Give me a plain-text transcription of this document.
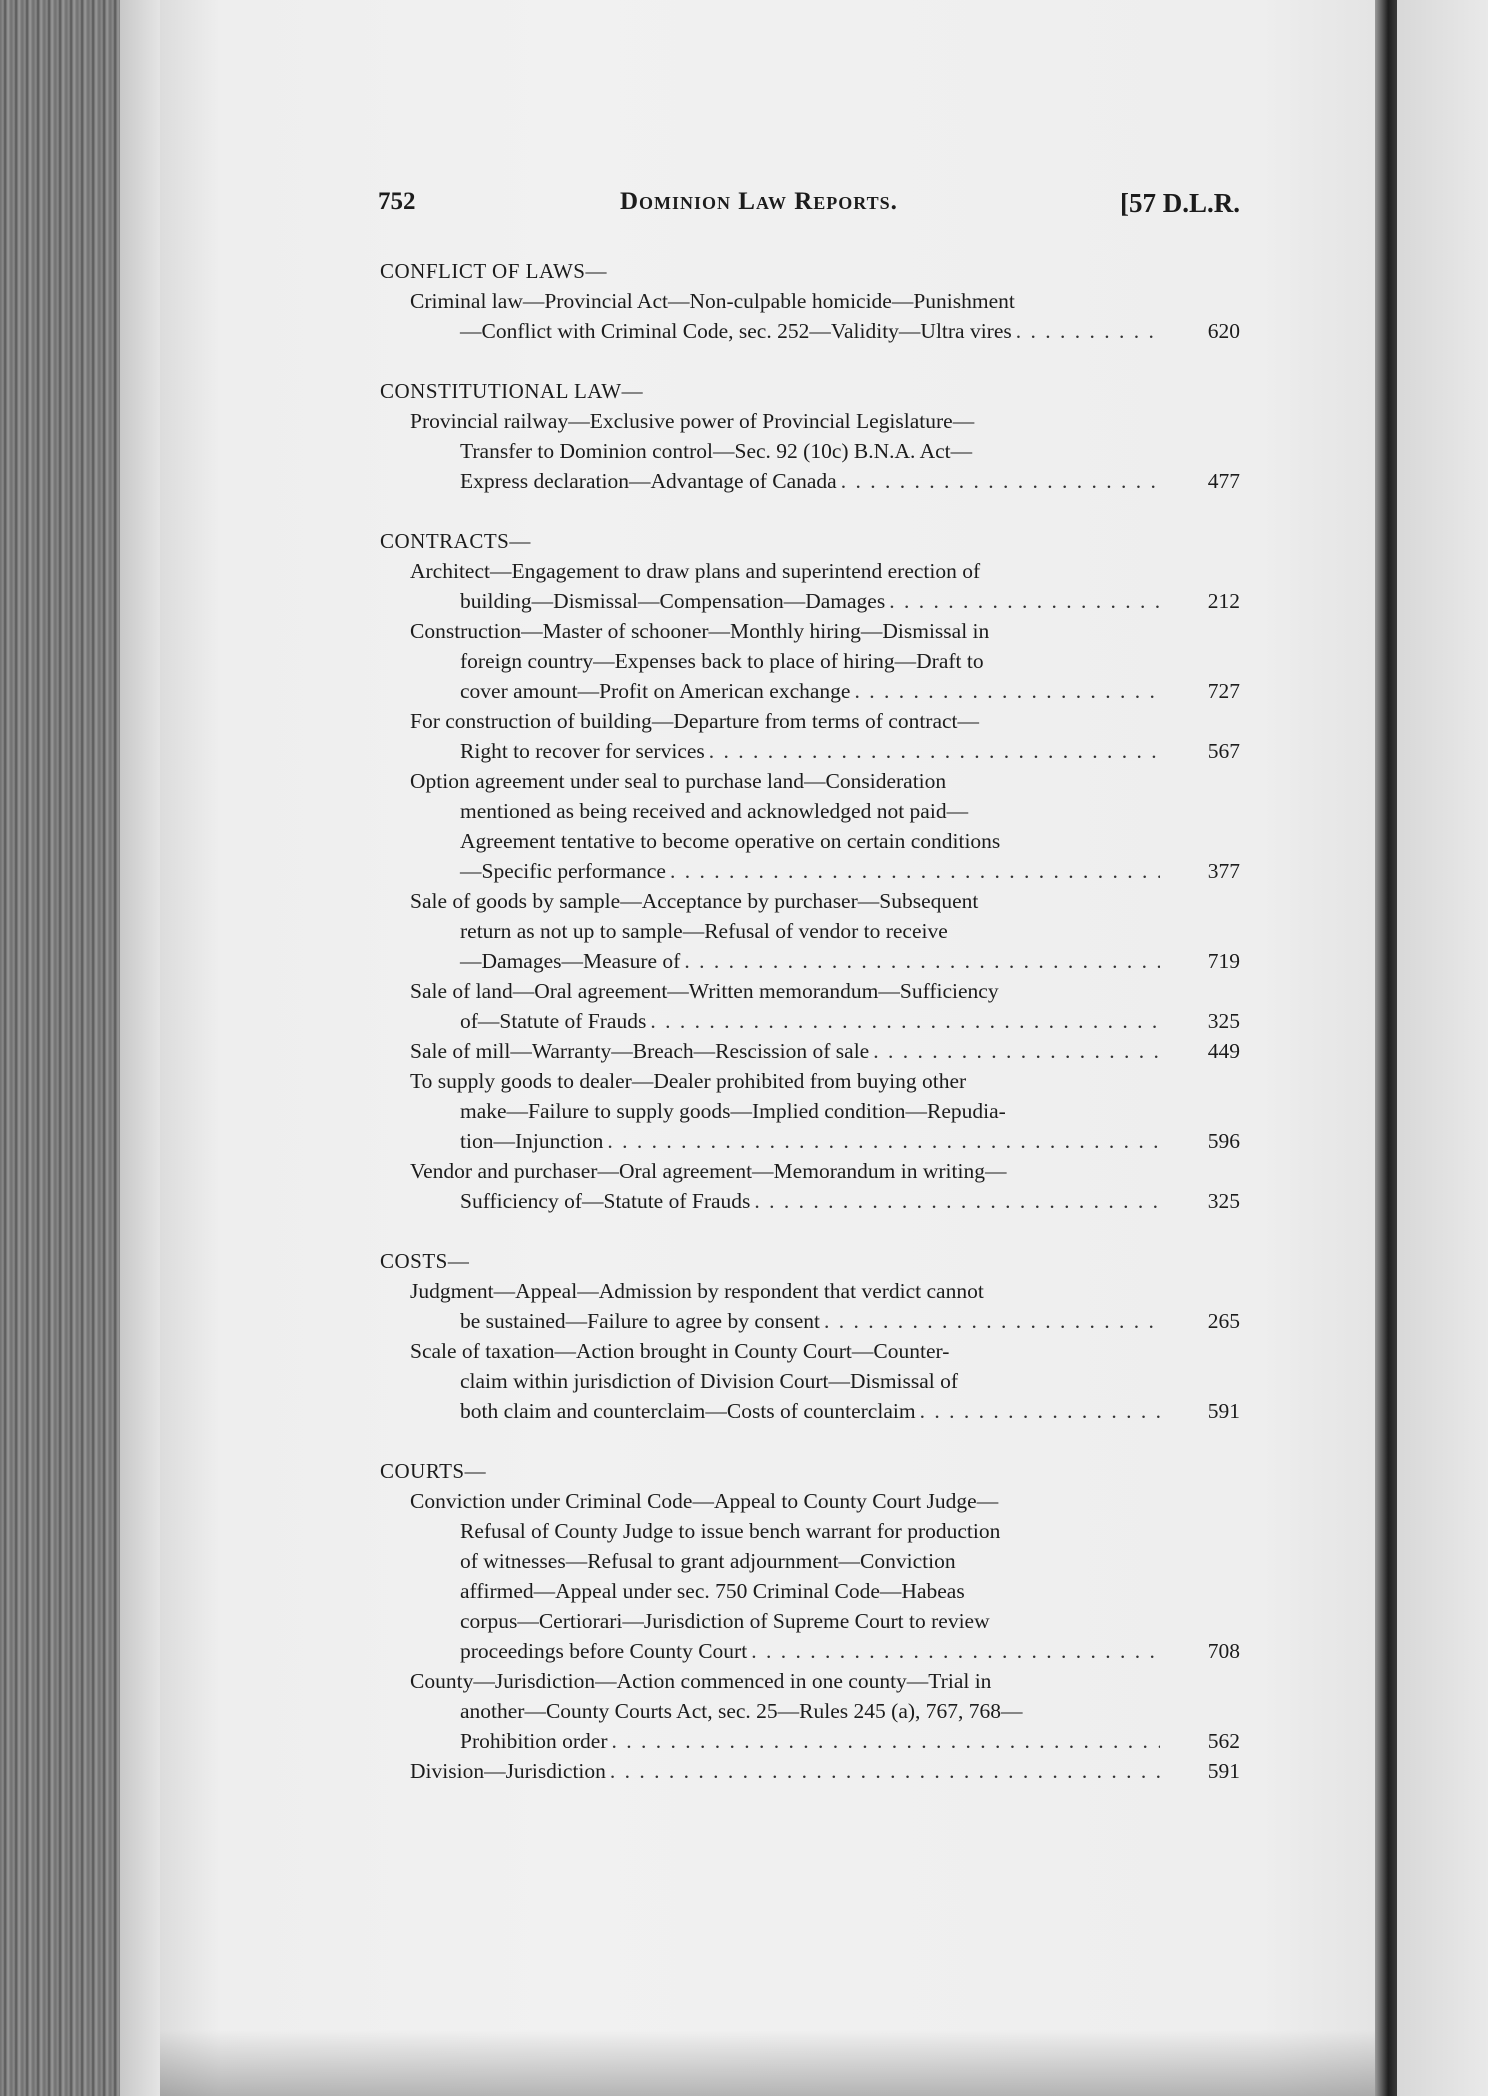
752	Dominion Law Reports.	[57 D.L.R.
CONFLICT OF LAWS—
Criminal law—Provincial Act—Non-culpable homicide—Punishment
—Conflict with Criminal Code, sec. 252—Validity—Ultra vires . . .	620
CONSTITUTIONAL LAW—
Provincial railway—Exclusive power of Provincial Legislature—
Transfer to Dominion control—Sec. 92 (10c) B.N.A. Act—
Express declaration—Advantage of Canada . . .	477
CONTRACTS—
Architect—Engagement to draw plans and superintend erection of
building—Dismissal—Compensation—Damages . . .	212
Construction—Master of schooner—Monthly hiring—Dismissal in
foreign country—Expenses back to place of hiring—Draft to
cover amount—Profit on American exchange . . .	727
For construction of building—Departure from terms of contract—
Right to recover for services . . .	567
Option agreement under seal to purchase land—Consideration
mentioned as being received and acknowledged not paid—
Agreement tentative to become operative on certain conditions
—Specific performance . . .	377
Sale of goods by sample—Acceptance by purchaser—Subsequent
return as not up to sample—Refusal of vendor to receive
—Damages—Measure of . . .	719
Sale of land—Oral agreement—Written memorandum—Sufficiency
of—Statute of Frauds . . .	325
Sale of mill—Warranty—Breach—Rescission of sale . . .	449
To supply goods to dealer—Dealer prohibited from buying other
make—Failure to supply goods—Implied condition—Repudia-
tion—Injunction . . .	596
Vendor and purchaser—Oral agreement—Memorandum in writing—
Sufficiency of—Statute of Frauds . . .	325
COSTS—
Judgment—Appeal—Admission by respondent that verdict cannot
be sustained—Failure to agree by consent . . .	265
Scale of taxation—Action brought in County Court—Counter-
claim within jurisdiction of Division Court—Dismissal of
both claim and counterclaim—Costs of counterclaim . . .	591
COURTS—
Conviction under Criminal Code—Appeal to County Court Judge—
Refusal of County Judge to issue bench warrant for production
of witnesses—Refusal to grant adjournment—Conviction
affirmed—Appeal under sec. 750 Criminal Code—Habeas
corpus—Certiorari—Jurisdiction of Supreme Court to review
proceedings before County Court . . .	708
County—Jurisdiction—Action commenced in one county—Trial in
another—County Courts Act, sec. 25—Rules 245 (a), 767, 768—
Prohibition order . . .	562
Division—Jurisdiction . . .	591
